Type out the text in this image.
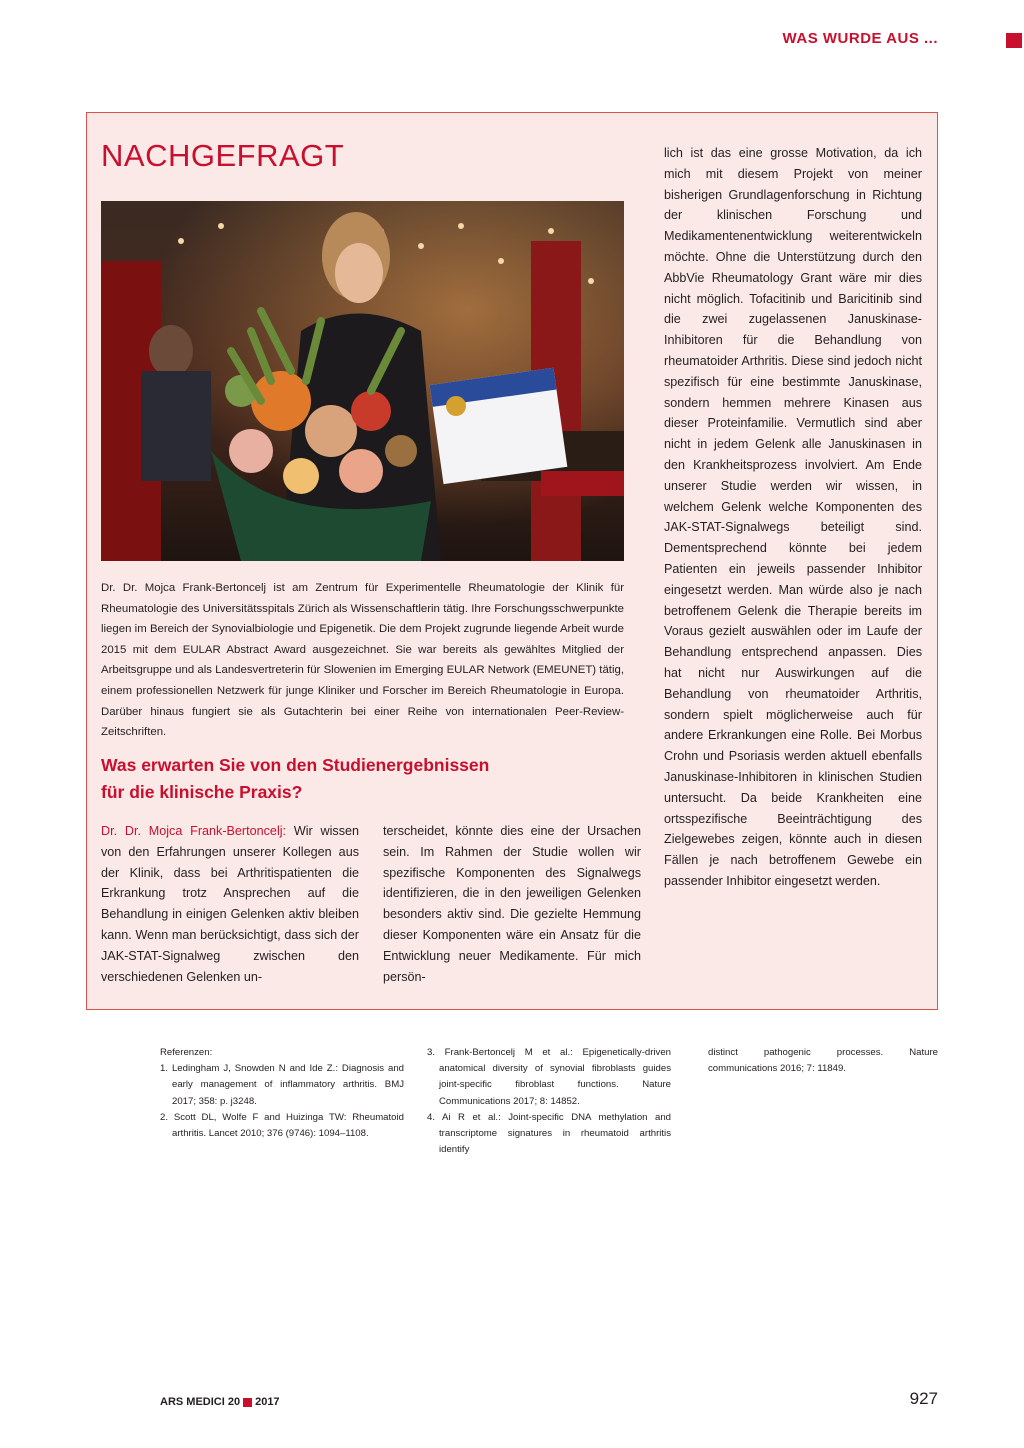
WAS WURDE AUS ...
NACHGEFRAGT

Dr. Dr. Mojca Frank-Bertoncelj ist am Zentrum für Experimentelle Rheumatologie der Klinik für Rheumatologie des Universitätsspitals Zürich als Wissenschaftlerin tätig. Ihre Forschungsschwerpunkte liegen im Bereich der Synovialbiologie und Epigenetik. Die dem Projekt zugrunde liegende Arbeit wurde 2015 mit dem EULAR Abstract Award ausgezeichnet. Sie war bereits als gewähltes Mitglied der Arbeitsgruppe und als Landesvertreterin für Slowenien im Emerging EULAR Network (EMEUNET) tätig, einem professionellen Netzwerk für junge Kliniker und Forscher im Bereich Rheumatologie in Europa. Darüber hinaus fungiert sie als Gutachterin bei einer Reihe von internationalen Peer-Review-Zeitschriften.

Was erwarten Sie von den Studienergebnissen
für die klinische Praxis?

Dr. Dr. Mojca Frank-Bertoncelj: Wir wissen von den Erfahrungen unserer Kollegen aus der Klinik, dass bei Arthritispatienten die Erkrankung trotz Ansprechen auf die Behandlung in einigen Gelenken aktiv bleiben kann. Wenn man berücksichtigt, dass sich der JAK-STAT-Signalweg zwischen den verschiedenen Gelenken un-

terscheidet, könnte dies eine der Ursachen sein. Im Rahmen der Studie wollen wir spezifische Komponenten des Signalwegs identifizieren, die in den jeweiligen Gelenken besonders aktiv sind. Die gezielte Hemmung dieser Komponenten wäre ein Ansatz für die Entwicklung neuer Medikamente. Für mich persön-

lich ist das eine grosse Motivation, da ich mich mit diesem Projekt von meiner bisherigen Grundlagenforschung in Richtung der klinischen Forschung und Medikamentenentwicklung weiterentwickeln möchte. Ohne die Unterstützung durch den AbbVie Rheumatology Grant wäre mir dies nicht möglich. Tofacitinib und Baricitinib sind die zwei zugelassenen Januskinase-Inhibitoren für die Behandlung von rheumatoider Arthritis. Diese sind jedoch nicht spezifisch für eine bestimmte Januskinase, sondern hemmen mehrere Kinasen aus dieser Proteinfamilie. Vermutlich sind aber nicht in jedem Gelenk alle Januskinasen in den Krankheitsprozess involviert. Am Ende unserer Studie werden wir wissen, in welchem Gelenk welche Komponenten des JAK-STAT-Signalwegs beteiligt sind. Dementsprechend könnte bei jedem Patienten ein jeweils passender Inhibitor eingesetzt werden. Man würde also je nach betroffenem Gelenk die Therapie bereits im Voraus gezielt auswählen oder im Laufe der Behandlung entsprechend anpassen. Dies hat nicht nur Auswirkungen auf die Behandlung von rheumatoider Arthritis, sondern spielt möglicherweise auch für andere Erkrankungen eine Rolle. Bei Morbus Crohn und Psoriasis werden aktuell ebenfalls Januskinase-Inhibitoren in klinischen Studien untersucht. Da beide Krankheiten eine ortsspezifische Beeinträchtigung des Zielgewebes zeigen, könnte auch in diesen Fällen je nach betroffenem Gewebe ein passender Inhibitor eingesetzt werden.

Referenzen:
1. Ledingham J, Snowden N and Ide Z.: Diagnosis and early management of inflammatory arthritis. BMJ 2017; 358: p. j3248.
2. Scott DL, Wolfe F and Huizinga TW: Rheumatoid arthritis. Lancet 2010; 376 (9746): 1094–1108.
3. Frank-Bertoncelj M et al.: Epigenetically-driven anatomical diversity of synovial fibroblasts guides joint-specific fibroblast functions. Nature Communications 2017; 8: 14852.
4. Ai R et al.: Joint-specific DNA methylation and transcriptome signatures in rheumatoid arthritis identify
distinct pathogenic processes. Nature communications 2016; 7: 11849.
ARS MEDICI 20 2017	927
